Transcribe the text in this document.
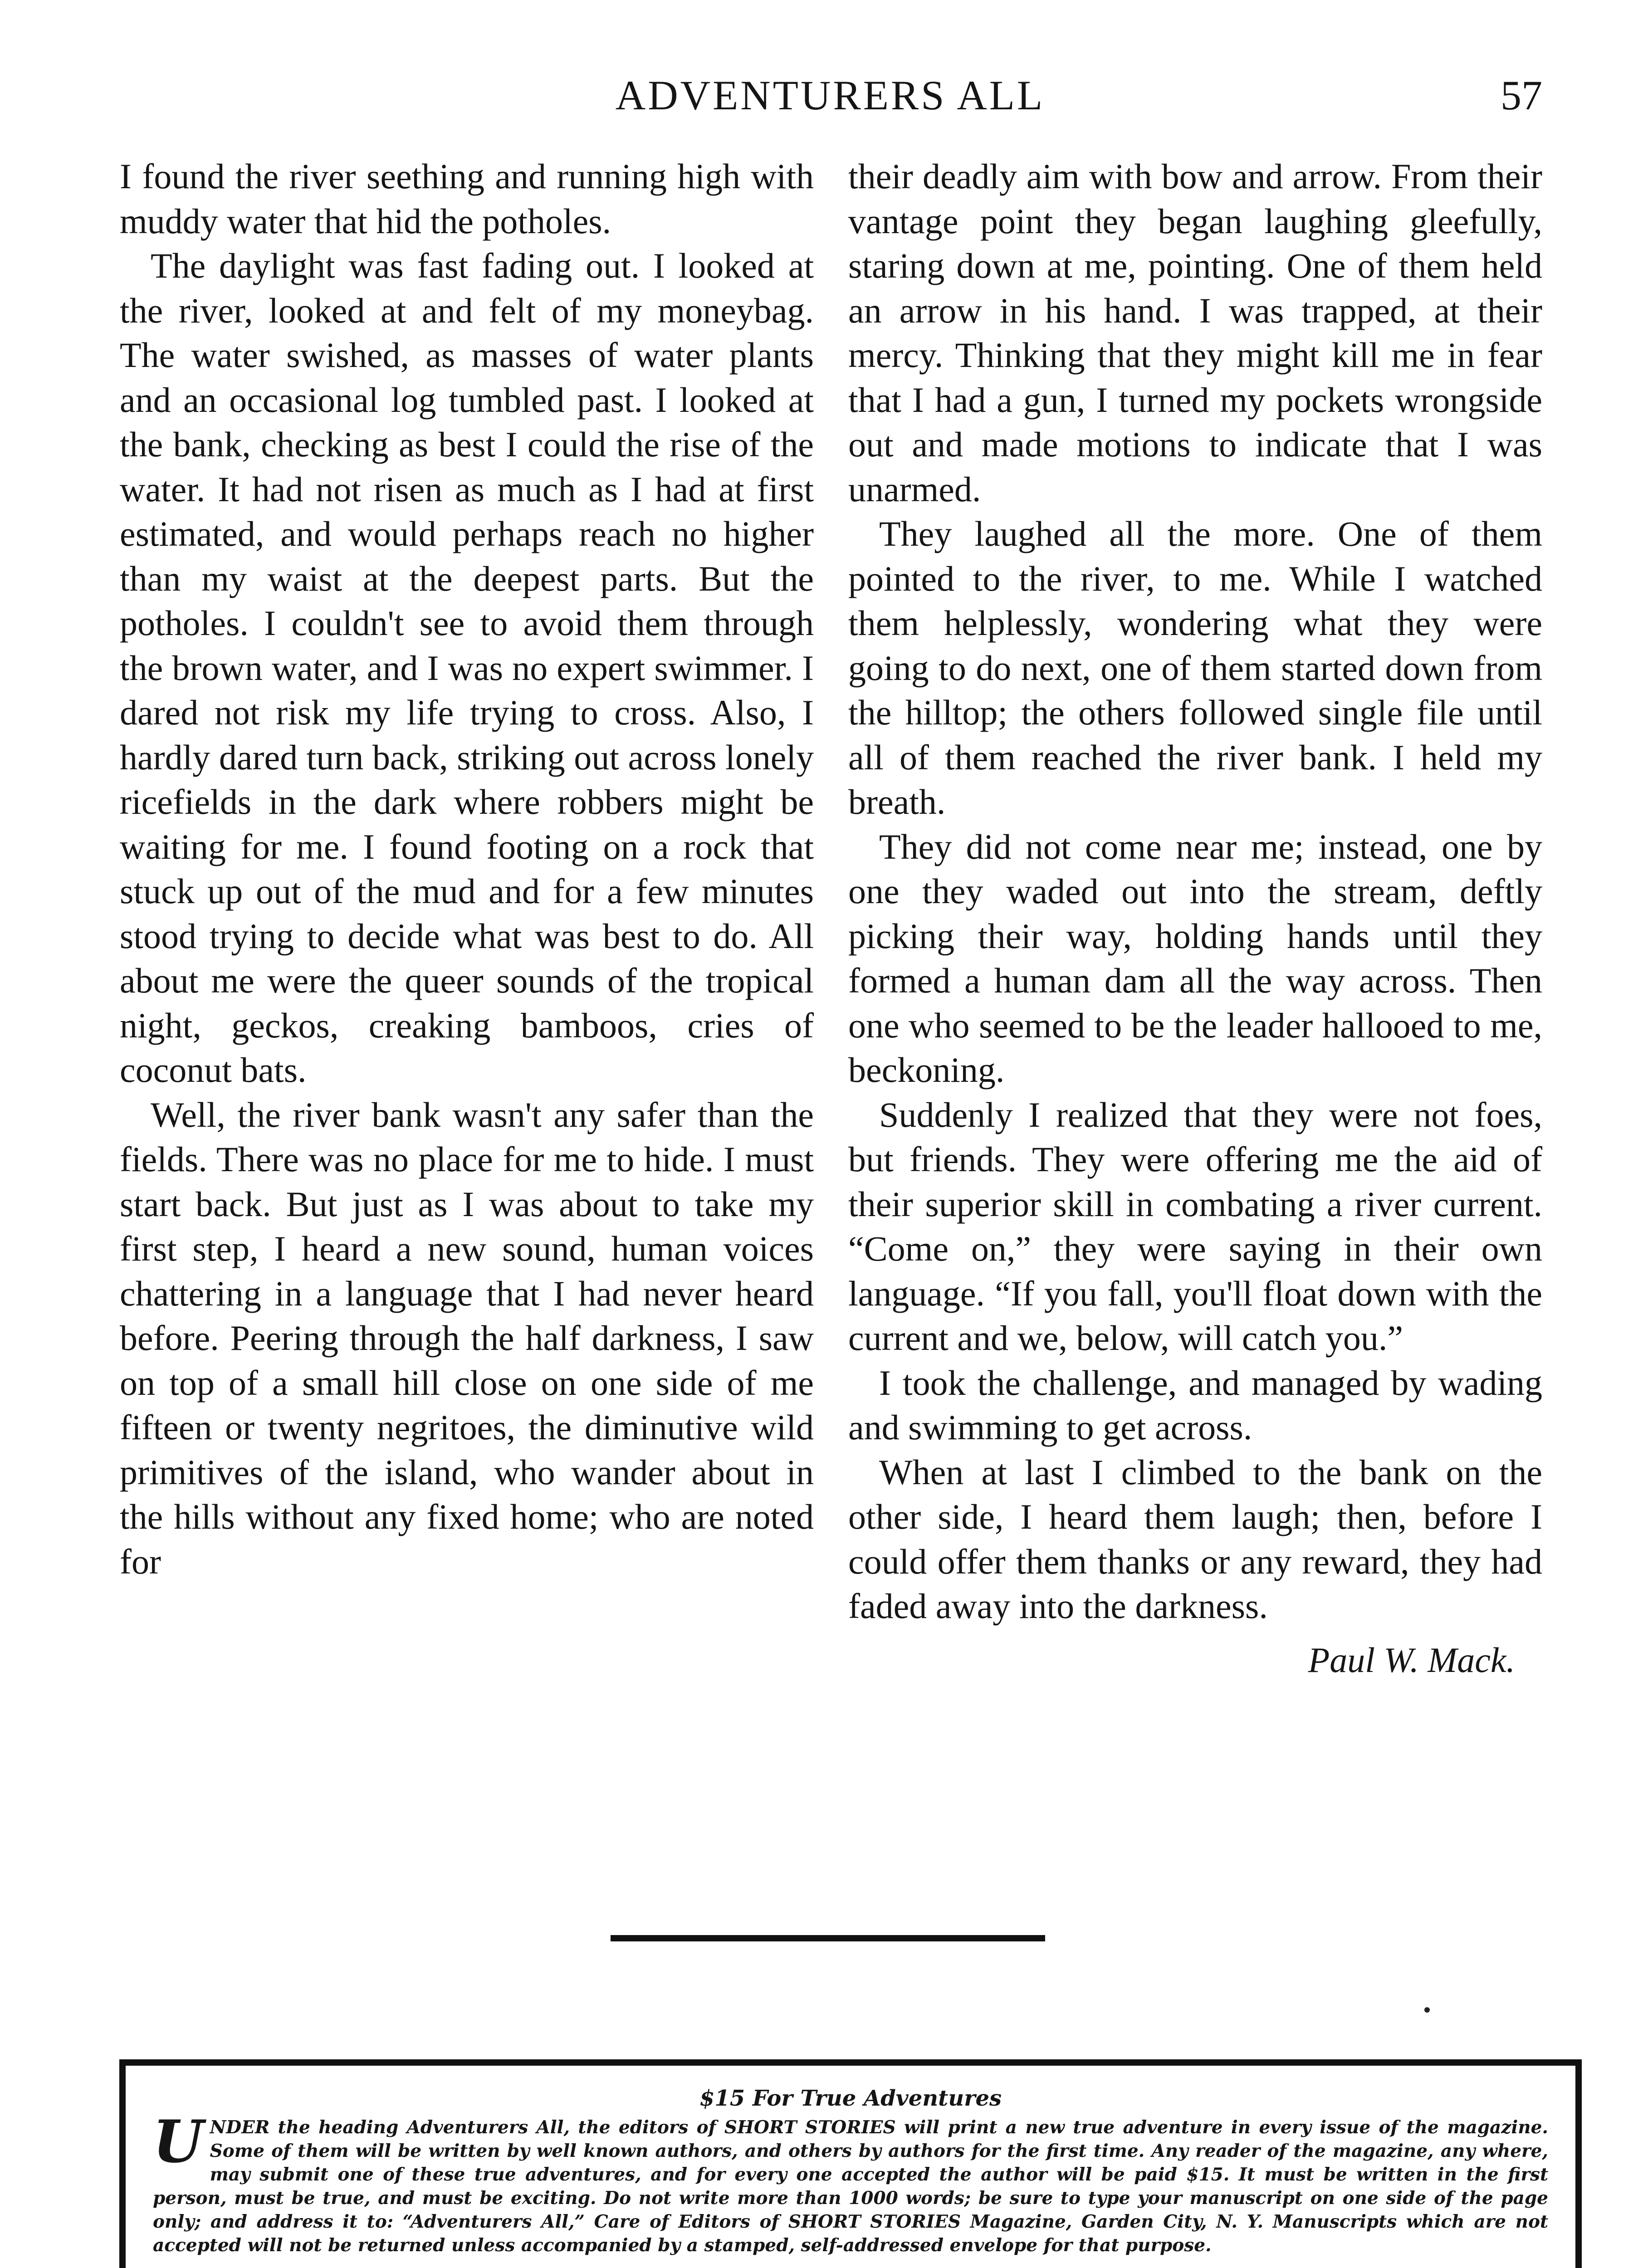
ADVENTURERS ALL	57

I found the river seething and running high with muddy water that hid the potholes.

The daylight was fast fading out. I looked at the river, looked at and felt of my moneybag. The water swished, as masses of water plants and an occasional log tumbled past. I looked at the bank, checking as best I could the rise of the water. It had not risen as much as I had at first estimated, and would perhaps reach no higher than my waist at the deepest parts. But the potholes. I couldn't see to avoid them through the brown water, and I was no expert swimmer. I dared not risk my life trying to cross. Also, I hardly dared turn back, striking out across lonely ricefields in the dark where robbers might be waiting for me. I found footing on a rock that stuck up out of the mud and for a few minutes stood trying to decide what was best to do. All about me were the queer sounds of the tropical night, geckos, creaking bamboos, cries of coconut bats.

Well, the river bank wasn't any safer than the fields. There was no place for me to hide. I must start back. But just as I was about to take my first step, I heard a new sound, human voices chattering in a language that I had never heard before. Peering through the half darkness, I saw on top of a small hill close on one side of me fifteen or twenty negritoes, the diminutive wild primitives of the island, who wander about in the hills without any fixed home; who are noted for

their deadly aim with bow and arrow. From their vantage point they began laughing gleefully, staring down at me, pointing. One of them held an arrow in his hand. I was trapped, at their mercy. Thinking that they might kill me in fear that I had a gun, I turned my pockets wrongside out and made motions to indicate that I was unarmed.

They laughed all the more. One of them pointed to the river, to me. While I watched them helplessly, wondering what they were going to do next, one of them started down from the hilltop; the others followed single file until all of them reached the river bank. I held my breath.

They did not come near me; instead, one by one they waded out into the stream, deftly picking their way, holding hands until they formed a human dam all the way across. Then one who seemed to be the leader hallooed to me, beckoning.

Suddenly I realized that they were not foes, but friends. They were offering me the aid of their superior skill in combating a river current. “Come on,” they were saying in their own language. “If you fall, you'll float down with the current and we, below, will catch you.”

I took the challenge, and managed by wading and swimming to get across.

When at last I climbed to the bank on the other side, I heard them laugh; then, before I could offer them thanks or any reward, they had faded away into the darkness.

Paul W. Mack.

$15 For True Adventures
UNDER the heading Adventurers All, the editors of SHORT STORIES will print a new true adventure in every issue of the magazine. Some of them will be written by well known authors, and others by authors for the first time. Any reader of the magazine, any where, may submit one of these true adventures, and for every one accepted the author will be paid $15. It must be written in the first person, must be true, and must be exciting. Do not write more than 1000 words; be sure to type your manuscript on one side of the page only; and address it to: “Adventurers All,” Care of Editors of SHORT STORIES Magazine, Garden City, N. Y. Manuscripts which are not accepted will not be returned unless accompanied by a stamped, self-addressed envelope for that purpose.
